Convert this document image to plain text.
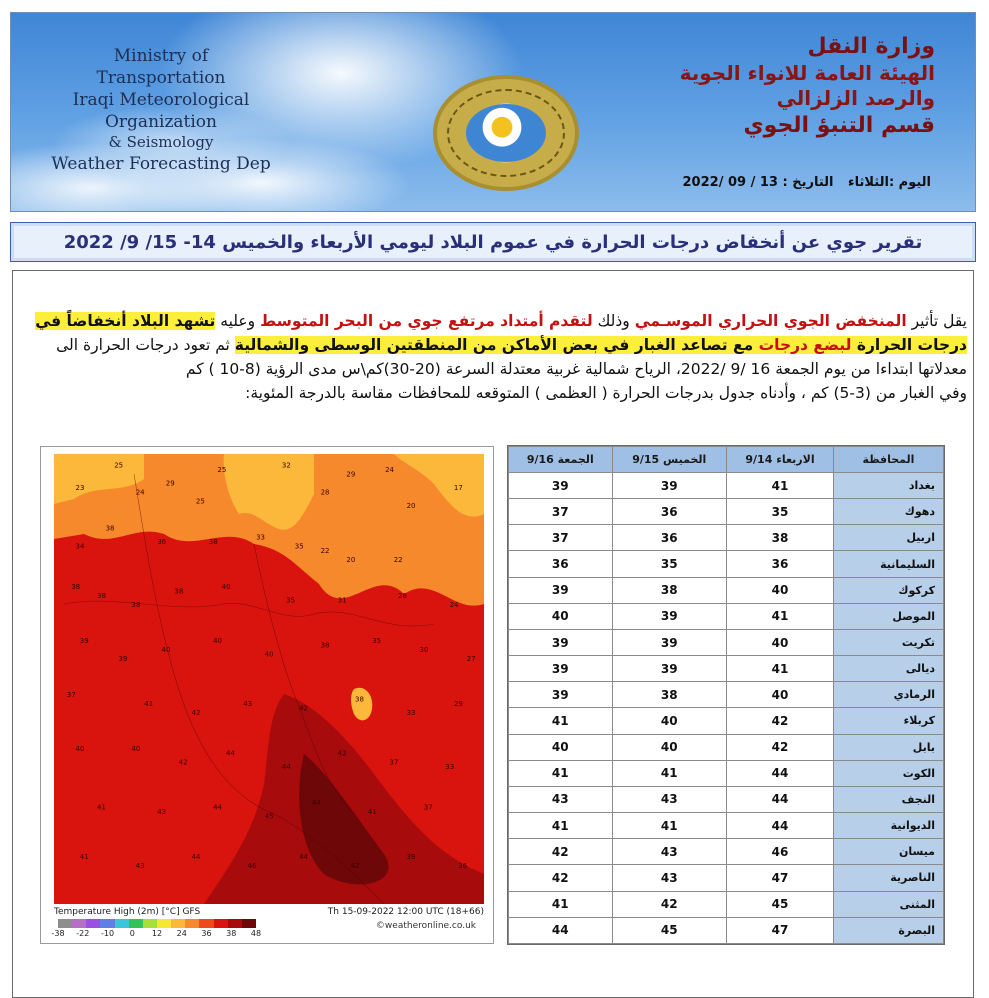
Ministry of Transportation
Iraqi Meteorological Organization
& Seismology
Weather Forecasting Dep
وزارة النقل
الهيئة العامة للانواء الجوية
والرصد الزلزالي
قسم التنبؤ الجوي
اليوم :الثلاثاء التاريخ : 13 / 09 /2022
تقرير جوي عن أنخفاض درجات الحرارة في عموم البلاد ليومي الأربعاء والخميس 14- 15/ 9/ 2022
يقل تأثير المنخفض الجوي الحراري الموسـمي وذلك لتقدم أمتداد مرتفع جوي من البحر المتوسط وعليه تشهد البلاد أنخفاضاً في
درجات الحرارة لبضع درجات مع تصاعد الغبار في بعض الأماكن من المنطقتين الوسطى والشمالية ثم تعود درجات الحرارة الى
معدلاتها ابتداءا من يوم الجمعة 16 /9 /2022، الرياح شمالية غربية معتدلة السرعة (20-30)كم\س مدى الرؤية (8-10 ) كم
وفي الغبار من (3-5) كم ، وأدناه جدول بدرجات الحرارة ( العظمى ) المتوقعه للمحافظات مقاسة بالدرجة المئوية:
23
25
24
29
25
25
32
28
29
24
20
17
34
38
36	38
33
35
22
20	22
38
38
38
38
40
35	31
28
24
39
39
40
40
40
38
35
30
27
37
41
42
43
42
38
33
29
40	40
42
44
44
42
37
33
41
43
44
45
44
41
37
41
43
44
46
44
42
39
36
Temperature High (2m) [°C] GFS	Th 15-09-2022 12:00 UTC (18+66)
-38 -22 -10 0 12 24 36 38 48
©weatheronline.co.uk
المحافظة	الاربعاء 9/14	الخميس 9/15	الجمعة 9/16
بغداد	41	39	39
دهوك	35	36	37
اربيل	38	36	37
السليمانية	36	35	36
كركوك	40	38	39
الموصل	41	39	40
تكريت	40	39	39
ديالى	41	39	39
الرمادي	40	38	39
كربلاء	42	40	41
بابل	42	40	40
الكوت	44	41	41
النجف	44	43	43
الديوانية	44	41	41
ميسان	46	43	42
الناصرية	47	43	42
المثنى	45	42	41
البصرة	47	45	44
